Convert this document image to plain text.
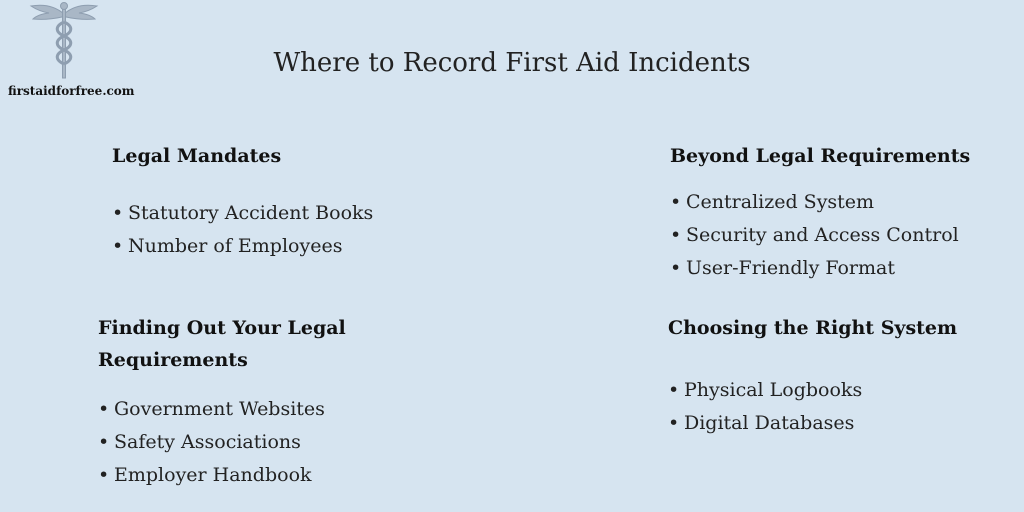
firstaidforfree.com
Where to Record First Aid Incidents
Legal Mandates
• Statutory Accident Books
• Number of Employees
Beyond Legal Requirements
• Centralized System
• Security and Access Control
• User-Friendly Format
Finding Out Your Legal
Requirements
• Government Websites
• Safety Associations
• Employer Handbook
Choosing the Right System
• Physical Logbooks
• Digital Databases
